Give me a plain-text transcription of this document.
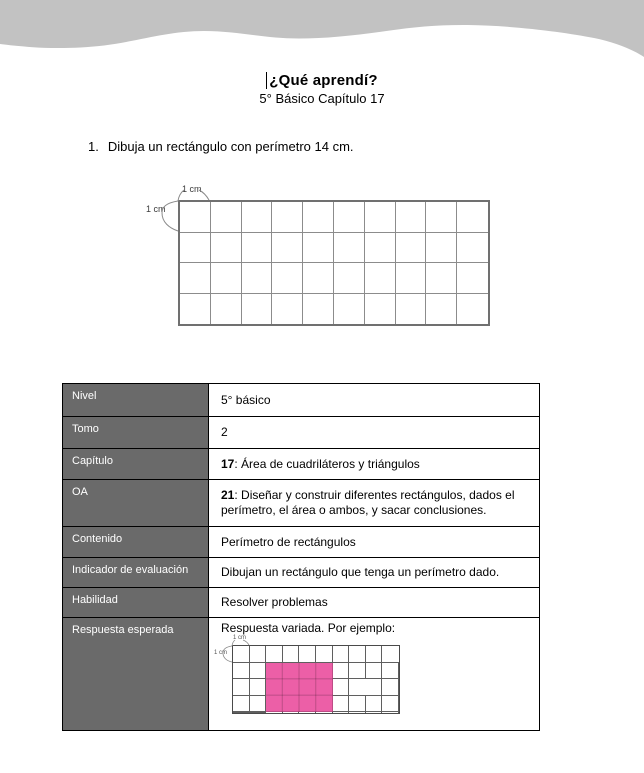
¿Qué aprendí?
5° Básico Capítulo 17
1. Dibuja un rectángulo con perímetro 14 cm.
1 cm
1 cm
Nivel	5° básico

Tomo	2

Capítulo	17: Área de cuadriláteros y triángulos

OA	21: Diseñar y construir diferentes rectángulos, dados el perímetro, el área o ambos, y sacar conclusiones.

Contenido	Perímetro de rectángulos

Indicador de evaluación	Dibujan un rectángulo que tenga un perímetro dado.

Habilidad	Resolver problemas

Respuesta esperada	Respuesta variada. Por ejemplo:

1 cm
1 cm
